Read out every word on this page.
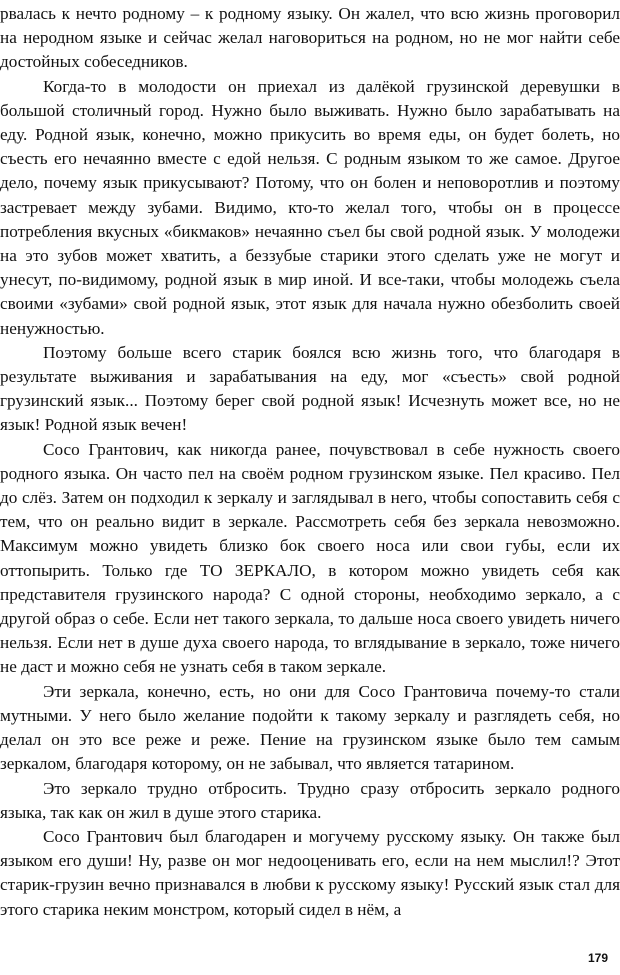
рвалась к нечто родному – к родному языку. Он жалел, что всю жизнь проговорил на неродном языке и сейчас желал наговориться на родном, но не мог найти себе достойных собеседников.

Когда-то в молодости он приехал из далёкой грузинской деревушки в большой столичный город. Нужно было выживать. Нужно было зарабатывать на еду. Родной язык, конечно, можно прикусить во время еды, он будет болеть, но съесть его нечаянно вместе с едой нельзя. С родным языком то же самое. Другое дело, почему язык прикусывают? Потому, что он болен и неповоротлив и поэтому застревает между зубами. Видимо, кто-то желал того, чтобы он в процессе потребления вкусных «бикмаков» нечаянно съел бы свой родной язык. У молодежи на это зубов может хватить, а беззубые старики этого сделать уже не могут и унесут, по-видимому, родной язык в мир иной. И все-таки, чтобы молодежь съела своими «зубами» свой родной язык, этот язык для начала нужно обезболить своей ненужностью.

Поэтому больше всего старик боялся всю жизнь того, что благодаря в результате выживания и зарабатывания на еду, мог «съесть» свой родной грузинский язык... Поэтому берег свой родной язык! Исчезнуть может все, но не язык! Родной язык вечен!

Сосо Грантович, как никогда ранее, почувствовал в себе нужность своего родного языка. Он часто пел на своём родном грузинском языке. Пел красиво. Пел до слёз. Затем он подходил к зеркалу и заглядывал в него, чтобы сопоставить себя с тем, что он реально видит в зеркале. Рассмотреть себя без зеркала невозможно. Максимум можно увидеть близко бок своего носа или свои губы, если их оттопырить. Только где ТО ЗЕРКАЛО, в котором можно увидеть себя как представителя грузинского народа? С одной стороны, необходимо зеркало, а с другой образ о себе. Если нет такого зеркала, то дальше носа своего увидеть ничего нельзя. Если нет в душе духа своего народа, то вглядывание в зеркало, тоже ничего не даст и можно себя не узнать себя в таком зеркале.

Эти зеркала, конечно, есть, но они для Сосо Грантовича почему-то стали мутными. У него было желание подойти к такому зеркалу и разглядеть себя, но делал он это все реже и реже. Пение на грузинском языке было тем самым зеркалом, благодаря которому, он не забывал, что является татарином.

Это зеркало трудно отбросить. Трудно сразу отбросить зеркало родного языка, так как он жил в душе этого старика.

Сосо Грантович был благодарен и могучему русскому языку. Он также был языком его души! Ну, разве он мог недооценивать его, если на нем мыслил!? Этот старик-грузин вечно признавался в любви к русскому языку! Русский язык стал для этого старика неким монстром, который сидел в нём, а

179
